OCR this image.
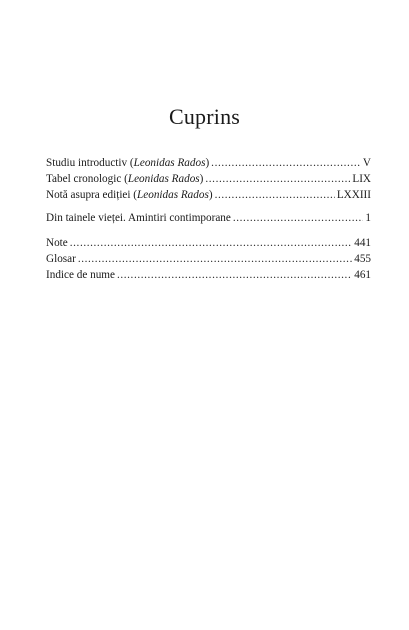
Cuprins
Studiu introductiv (Leonidas Rados) .....	V
Tabel cronologic (Leonidas Rados) .....	LIX
Notă asupra ediției (Leonidas Rados) .....	LXXIII
Din tainele vieței. Amintiri contimporane .....	1
Note .....	441
Glosar .....	455
Indice de nume .....	461
